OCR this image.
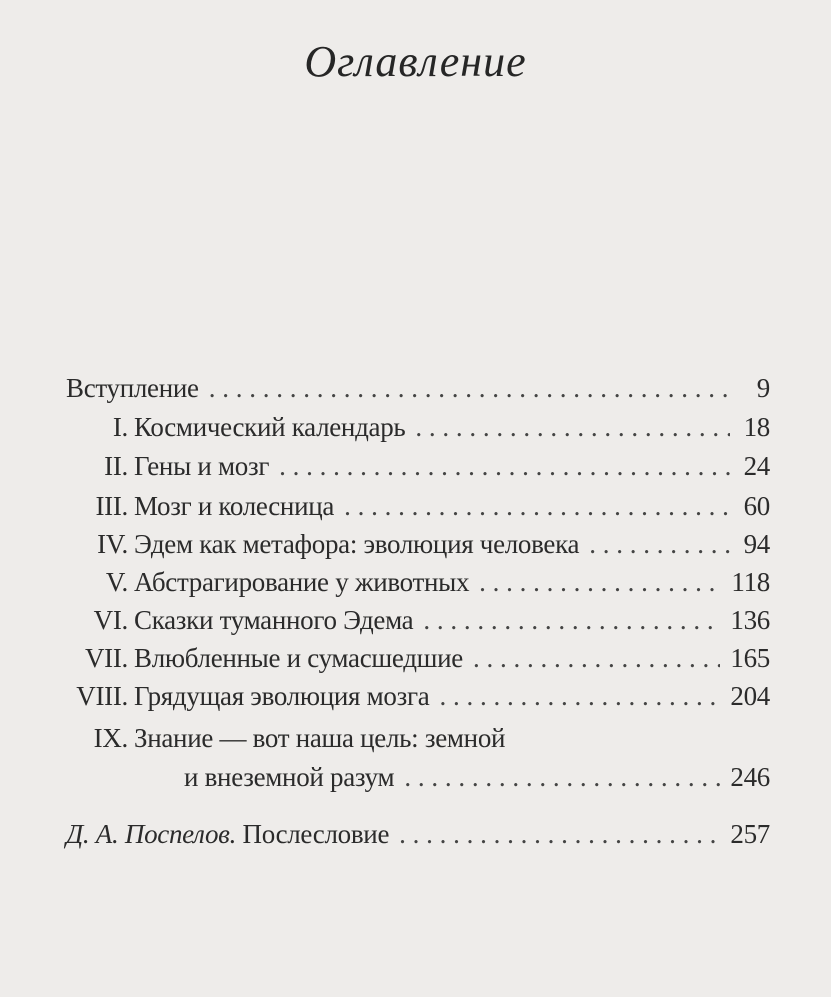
Оглавление
Вступление . . .	9
I. Космический календарь . . .	18
II. Гены и мозг . . .	24
III. Мозг и колесница . . .	60
IV. Эдем как метафора: эволюция человека . . .	94
V. Абстрагирование у животных . . .	118
VI. Сказки туманного Эдема . . .	136
VII. Влюбленные и сумасшедшие . . .	165
VIII. Грядущая эволюция мозга . . .	204
IX. Знание — вот наша цель: земной
и внеземной разум . . .	246
Д. А. Поспелов. Послесловие . . .	257
